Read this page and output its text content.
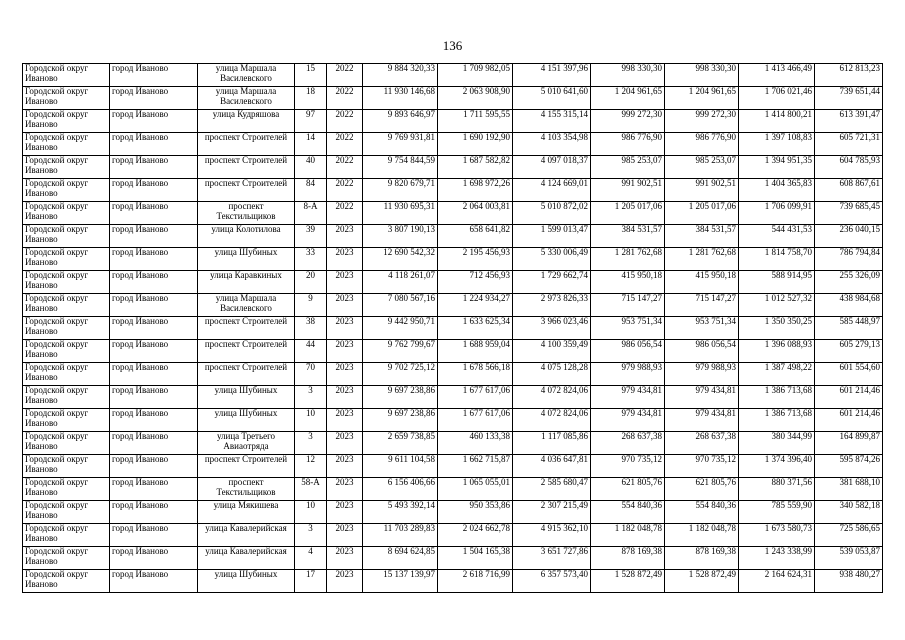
136
Городской округ Иваново	город Иваново	улица Маршала Василевского	15	2022	9 884 320,33	1 709 982,05	4 151 397,96	998 330,30	998 330,30	1 413 466,49	612 813,23
Городской округ Иваново	город Иваново	улица Маршала Василевского	18	2022	11 930 146,68	2 063 908,90	5 010 641,60	1 204 961,65	1 204 961,65	1 706 021,46	739 651,44
Городской округ Иваново	город Иваново	улица Кудряшова	97	2022	9 893 646,97	1 711 595,55	4 155 315,14	999 272,30	999 272,30	1 414 800,21	613 391,47
Городской округ Иваново	город Иваново	проспект Строителей	14	2022	9 769 931,81	1 690 192,90	4 103 354,98	986 776,90	986 776,90	1 397 108,83	605 721,31
Городской округ Иваново	город Иваново	проспект Строителей	40	2022	9 754 844,59	1 687 582,82	4 097 018,37	985 253,07	985 253,07	1 394 951,35	604 785,93
Городской округ Иваново	город Иваново	проспект Строителей	84	2022	9 820 679,71	1 698 972,26	4 124 669,01	991 902,51	991 902,51	1 404 365,83	608 867,61
Городской округ Иваново	город Иваново	проспект Текстильщиков	8-А	2022	11 930 695,31	2 064 003,81	5 010 872,02	1 205 017,06	1 205 017,06	1 706 099,91	739 685,45
Городской округ Иваново	город Иваново	улица Колотилова	39	2023	3 807 190,13	658 641,82	1 599 013,47	384 531,57	384 531,57	544 431,53	236 040,15
Городской округ Иваново	город Иваново	улица Шубиных	33	2023	12 690 542,32	2 195 456,93	5 330 006,49	1 281 762,68	1 281 762,68	1 814 758,70	786 794,84
Городской округ Иваново	город Иваново	улица Каравкиных	20	2023	4 118 261,07	712 456,93	1 729 662,74	415 950,18	415 950,18	588 914,95	255 326,09
Городской округ Иваново	город Иваново	улица Маршала Василевского	9	2023	7 080 567,16	1 224 934,27	2 973 826,33	715 147,27	715 147,27	1 012 527,32	438 984,68
Городской округ Иваново	город Иваново	проспект Строителей	38	2023	9 442 950,71	1 633 625,34	3 966 023,46	953 751,34	953 751,34	1 350 350,25	585 448,97
Городской округ Иваново	город Иваново	проспект Строителей	44	2023	9 762 799,67	1 688 959,04	4 100 359,49	986 056,54	986 056,54	1 396 088,93	605 279,13
Городской округ Иваново	город Иваново	проспект Строителей	70	2023	9 702 725,12	1 678 566,18	4 075 128,28	979 988,93	979 988,93	1 387 498,22	601 554,60
Городской округ Иваново	город Иваново	улица Шубиных	3	2023	9 697 238,86	1 677 617,06	4 072 824,06	979 434,81	979 434,81	1 386 713,68	601 214,46
Городской округ Иваново	город Иваново	улица Шубиных	10	2023	9 697 238,86	1 677 617,06	4 072 824,06	979 434,81	979 434,81	1 386 713,68	601 214,46
Городской округ Иваново	город Иваново	улица Третьего Авиаотряда	3	2023	2 659 738,85	460 133,38	1 117 085,86	268 637,38	268 637,38	380 344,99	164 899,87
Городской округ Иваново	город Иваново	проспект Строителей	12	2023	9 611 104,58	1 662 715,87	4 036 647,81	970 735,12	970 735,12	1 374 396,40	595 874,26
Городской округ Иваново	город Иваново	проспект Текстильщиков	58-А	2023	6 156 406,66	1 065 055,01	2 585 680,47	621 805,76	621 805,76	880 371,56	381 688,10
Городской округ Иваново	город Иваново	улица Мякишева	10	2023	5 493 392,14	950 353,86	2 307 215,49	554 840,36	554 840,36	785 559,90	340 582,18
Городской округ Иваново	город Иваново	улица Кавалерийская	3	2023	11 703 289,83	2 024 662,78	4 915 362,10	1 182 048,78	1 182 048,78	1 673 580,73	725 586,65
Городской округ Иваново	город Иваново	улица Кавалерийская	4	2023	8 694 624,85	1 504 165,38	3 651 727,86	878 169,38	878 169,38	1 243 338,99	539 053,87
Городской округ Иваново	город Иваново	улица Шубиных	17	2023	15 137 139,97	2 618 716,99	6 357 573,40	1 528 872,49	1 528 872,49	2 164 624,31	938 480,27
